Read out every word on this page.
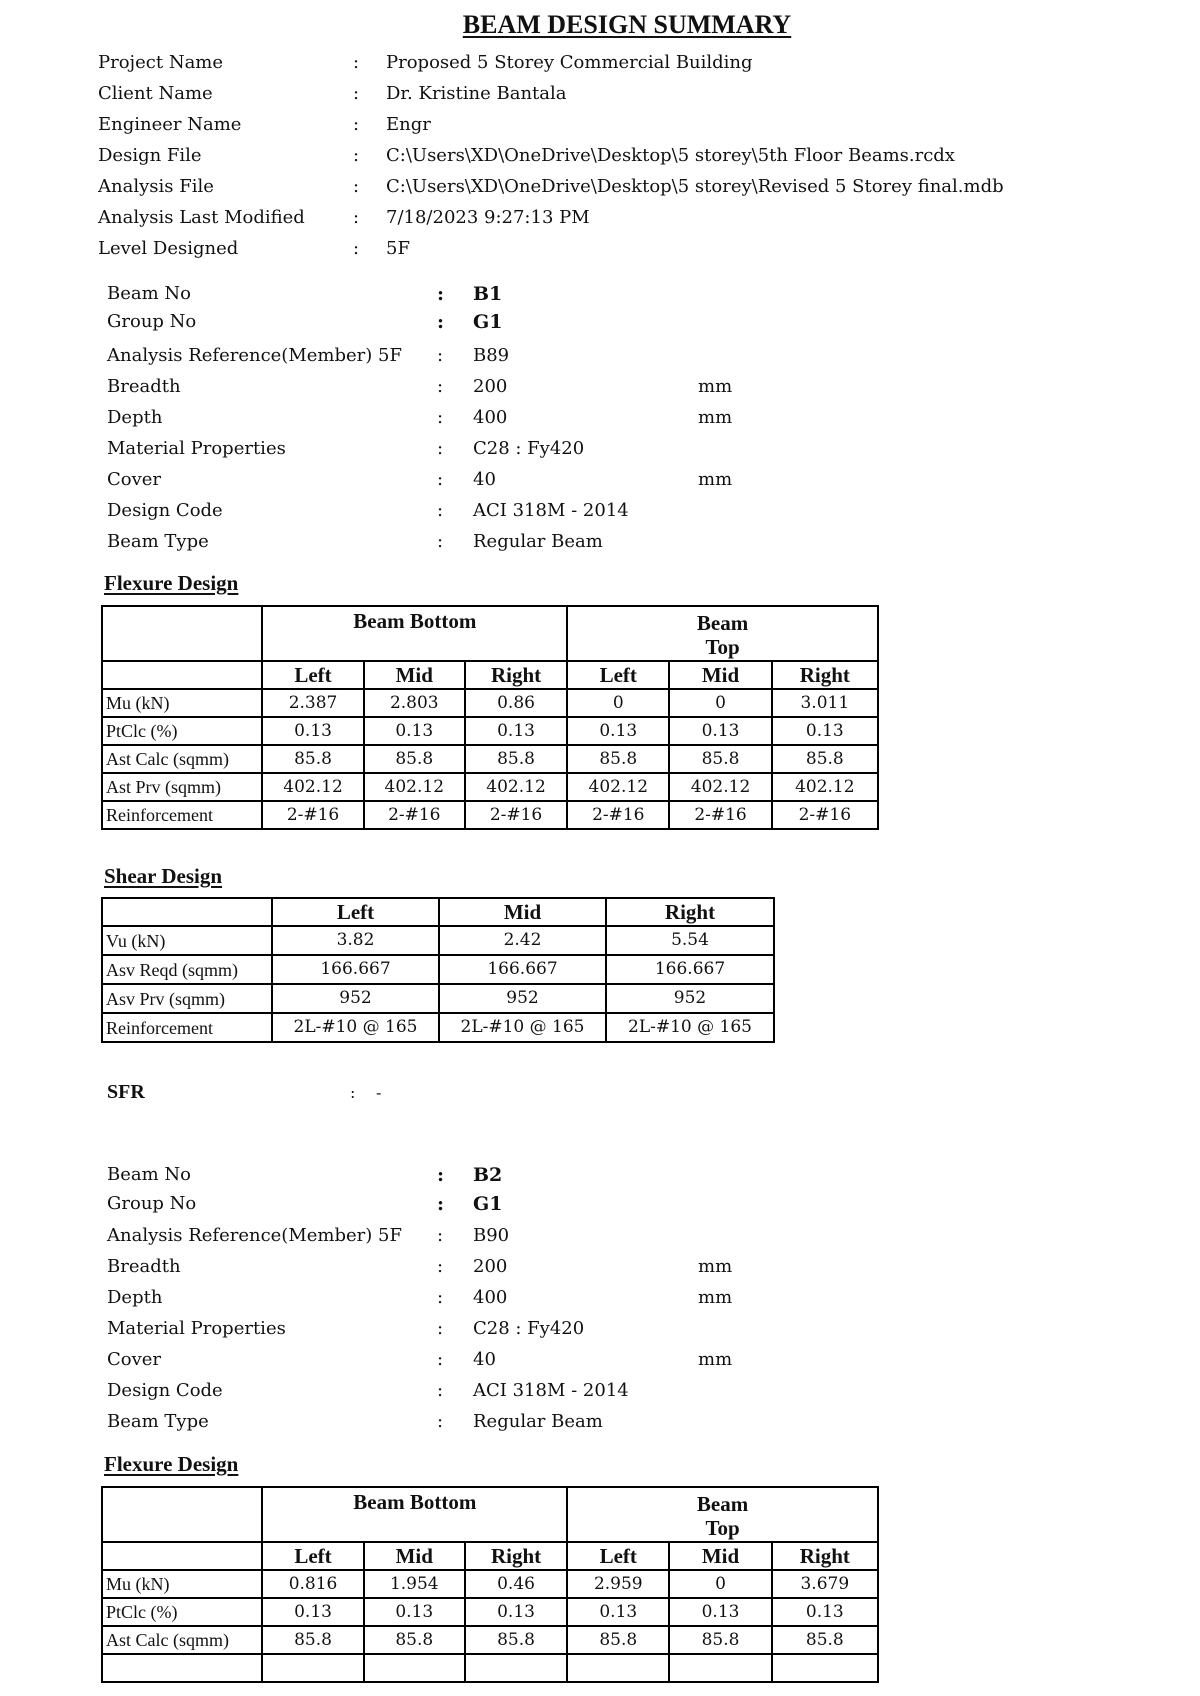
BEAM DESIGN SUMMARY
Project Name	: Proposed 5 Storey Commercial Building
Client Name	: Dr. Kristine Bantala
Engineer Name	: Engr
Design File	: C:\Users\XD\OneDrive\Desktop\5 storey\5th Floor Beams.rcdx
Analysis File	: C:\Users\XD\OneDrive\Desktop\5 storey\Revised 5 Storey final.mdb
Analysis Last Modified	: 7/18/2023 9:27:13 PM
Level Designed	: 5F
Beam No	: B1
Group No	: G1
Analysis Reference(Member) 5F : B89
Breadth	: 200	mm
Depth	: 400	mm
Material Properties	: C28 : Fy420
Cover	: 40	mm
Design Code	: ACI 318M - 2014
Beam Type	: Regular Beam
Flexure Design
	Beam Bottom			Beam
Top		
	Left	Mid	Right	Left	Mid	Right
Mu (kN)	2.387	2.803	0.86	0	0	3.011
PtClc (%)	0.13	0.13	0.13	0.13	0.13	0.13
Ast Calc (sqmm)	85.8	85.8	85.8	85.8	85.8	85.8
Ast Prv (sqmm)	402.12	402.12	402.12	402.12	402.12	402.12
Reinforcement	2-#16	2-#16	2-#16	2-#16	2-#16	2-#16
Shear Design
	Left	Mid	Right
Vu (kN)	3.82	2.42	5.54
Asv Reqd (sqmm)	166.667	166.667	166.667
Asv Prv (sqmm)	952	952	952
Reinforcement	2L-#10 @ 165	2L-#10 @ 165	2L-#10 @ 165
SFR	: -
Beam No	: B2
Group No	: G1
Analysis Reference(Member) 5F : B90
Breadth	: 200	mm
Depth	: 400	mm
Material Properties	: C28 : Fy420
Cover	: 40	mm
Design Code	: ACI 318M - 2014
Beam Type	: Regular Beam
Flexure Design
	Beam Bottom			Beam
Top		
	Left	Mid	Right	Left	Mid	Right
Mu (kN)	0.816	1.954	0.46	2.959	0	3.679
PtClc (%)	0.13	0.13	0.13	0.13	0.13	0.13
Ast Calc (sqmm)	85.8	85.8	85.8	85.8	85.8	85.8
